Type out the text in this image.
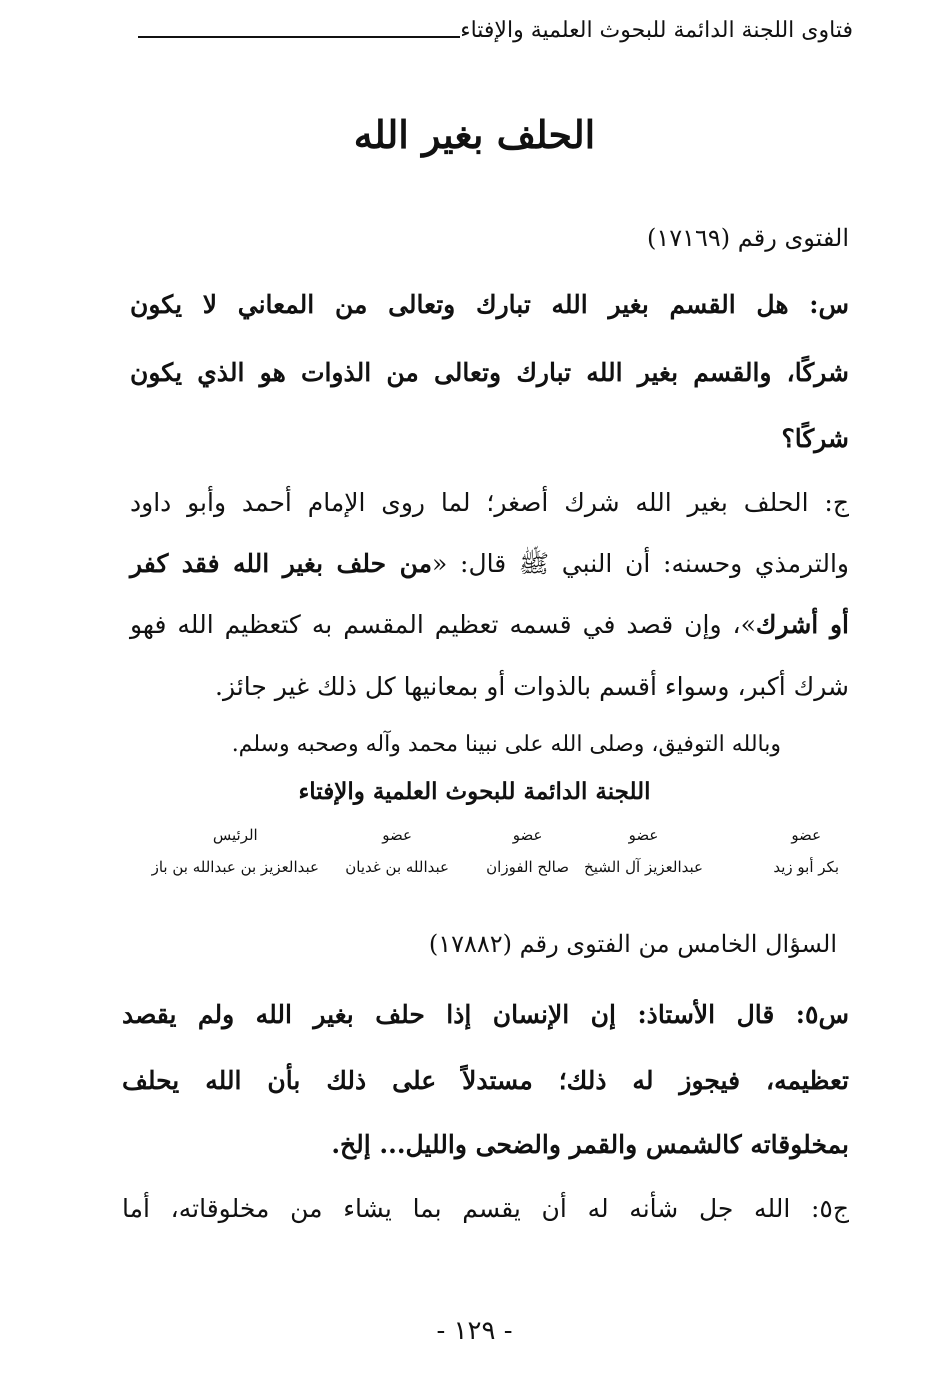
فتاوى اللجنة الدائمة للبحوث العلمية والإفتاء
الحلف بغير الله
الفتوى رقم (١٧١٦٩)
س: هل القسم بغير الله تبارك وتعالى من المعاني لا يكون
شركًا، والقسم بغير الله تبارك وتعالى من الذوات هو الذي يكون
شركًا؟
ج: الحلف بغير الله شرك أصغر؛ لما روى الإمام أحمد وأبو داود
والترمذي وحسنه: أن النبي ﷺ قال: «من حلف بغير الله فقد كفر
أو أشرك»، وإن قصد في قسمه تعظيم المقسم به كتعظيم الله فهو
شرك أكبر، وسواء أقسم بالذوات أو بمعانيها كل ذلك غير جائز.
وبالله التوفيق، وصلى الله على نبينا محمد وآله وصحبه وسلم.
اللجنة الدائمة للبحوث العلمية والإفتاء
عضو
بكر أبو زيد
عضو
عبدالعزيز آل الشيخ
عضو
صالح الفوزان
عضو
عبدالله بن غديان
الرئيس
عبدالعزيز بن عبدالله بن باز
السؤال الخامس من الفتوى رقم (١٧٨٨٢)
س٥: قال الأستاذ: إن الإنسان إذا حلف بغير الله ولم يقصد
تعظيمه، فيجوز له ذلك؛ مستدلاً على ذلك بأن الله يحلف
بمخلوقاته كالشمس والقمر والضحى والليل... إلخ.
ج٥: الله جل شأنه له أن يقسم بما يشاء من مخلوقاته، أما
- ١٢٩ -
